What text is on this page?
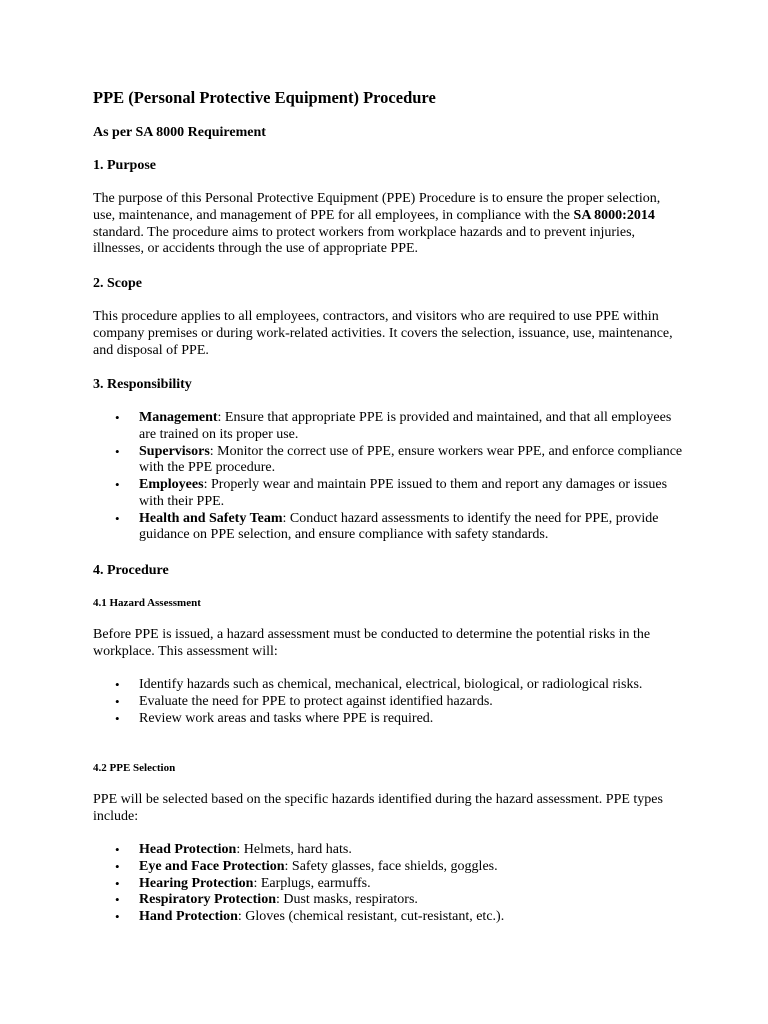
PPE (Personal Protective Equipment) Procedure
As per SA 8000 Requirement
1. Purpose

The purpose of this Personal Protective Equipment (PPE) Procedure is to ensure the proper selection, use, maintenance, and management of PPE for all employees, in compliance with the SA 8000:2014 standard. The procedure aims to protect workers from workplace hazards and to prevent injuries, illnesses, or accidents through the use of appropriate PPE.

2. Scope

This procedure applies to all employees, contractors, and visitors who are required to use PPE within company premises or during work-related activities. It covers the selection, issuance, use, maintenance, and disposal of PPE.

3. Responsibility
• Management: Ensure that appropriate PPE is provided and maintained, and that all employees are trained on its proper use.
• Supervisors: Monitor the correct use of PPE, ensure workers wear PPE, and enforce compliance with the PPE procedure.
• Employees: Properly wear and maintain PPE issued to them and report any damages or issues with their PPE.
• Health and Safety Team: Conduct hazard assessments to identify the need for PPE, provide guidance on PPE selection, and ensure compliance with safety standards.
4. Procedure
4.1 Hazard Assessment

Before PPE is issued, a hazard assessment must be conducted to determine the potential risks in the workplace. This assessment will:

• Identify hazards such as chemical, mechanical, electrical, biological, or radiological risks.
• Evaluate the need for PPE to protect against identified hazards.
• Review work areas and tasks where PPE is required.
4.2 PPE Selection

PPE will be selected based on the specific hazards identified during the hazard assessment. PPE types include:

• Head Protection: Helmets, hard hats.
• Eye and Face Protection: Safety glasses, face shields, goggles.
• Hearing Protection: Earplugs, earmuffs.
• Respiratory Protection: Dust masks, respirators.
• Hand Protection: Gloves (chemical resistant, cut-resistant, etc.).
